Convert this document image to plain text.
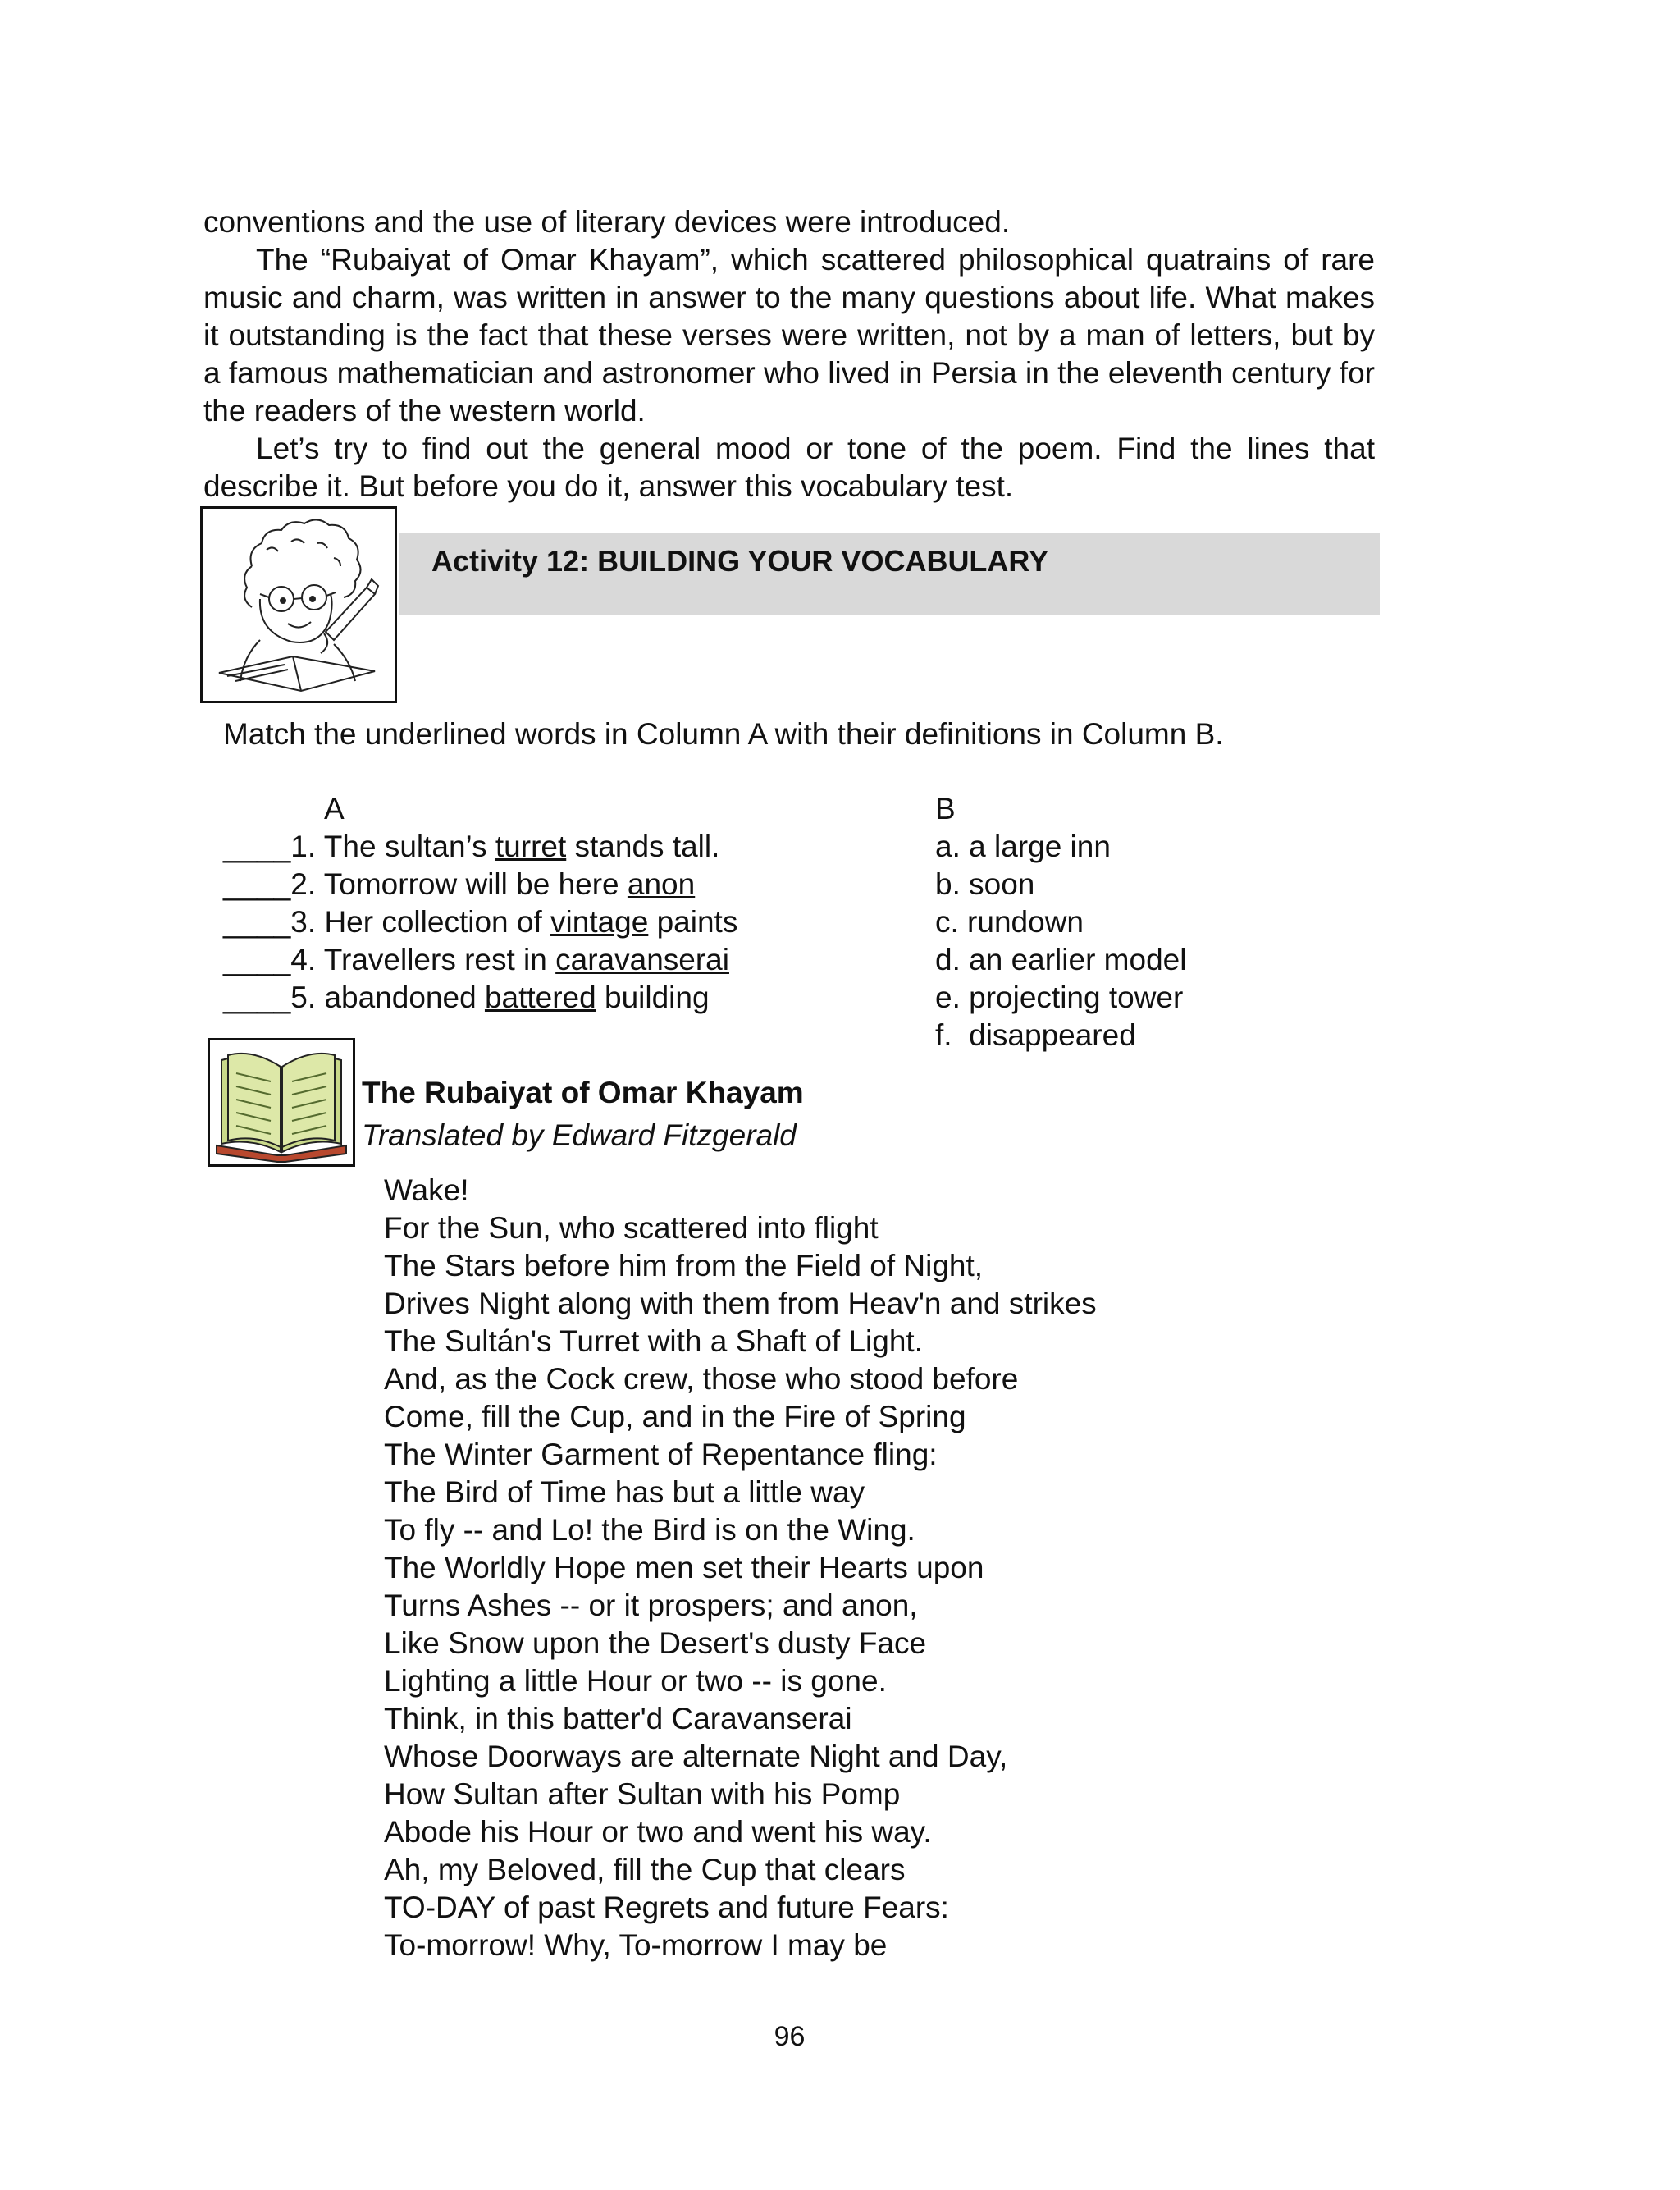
conventions and the use of literary devices were introduced.

The “Rubaiyat of Omar Khayam”, which scattered philosophical quatrains of rare music and charm, was written in answer to the many questions about life. What makes it outstanding is the fact that these verses were written, not by a man of letters, but by a famous mathematician and astronomer who lived in Persia in the eleventh century for the readers of the western world.

Let’s try to find out the general mood or tone of the poem. Find the lines that describe it. But before you do it, answer this vocabulary test.

Activity 12: BUILDING YOUR VOCABULARY
Match the underlined words in Column A with their definitions in Column B.
A	B
____1. The sultan’s turret stands tall.
____2. Tomorrow will be here anon
____3. Her collection of vintage paints
____4. Travellers rest in caravanserai
____5. abandoned battered building
a. a large inn
b. soon
c. rundown
d. an earlier model
e. projecting tower
f.  disappeared
The Rubaiyat of Omar Khayam
Translated by Edward Fitzgerald
Wake!
For the Sun, who scattered into flight
The Stars before him from the Field of Night,
Drives Night along with them from Heav'n and strikes
The Sultán's Turret with a Shaft of Light.
And, as the Cock crew, those who stood before
Come, fill the Cup, and in the Fire of Spring
The Winter Garment of Repentance fling:
The Bird of Time has but a little way
To fly -- and Lo! the Bird is on the Wing.
The Worldly Hope men set their Hearts upon
Turns Ashes -- or it prospers; and anon,
Like Snow upon the Desert's dusty Face
Lighting a little Hour or two -- is gone.
Think, in this batter'd Caravanserai
Whose Doorways are alternate Night and Day,
How Sultan after Sultan with his Pomp
Abode his Hour or two and went his way.
Ah, my Beloved, fill the Cup that clears
TO-DAY of past Regrets and future Fears:
To-morrow! Why, To-morrow I may be
96
